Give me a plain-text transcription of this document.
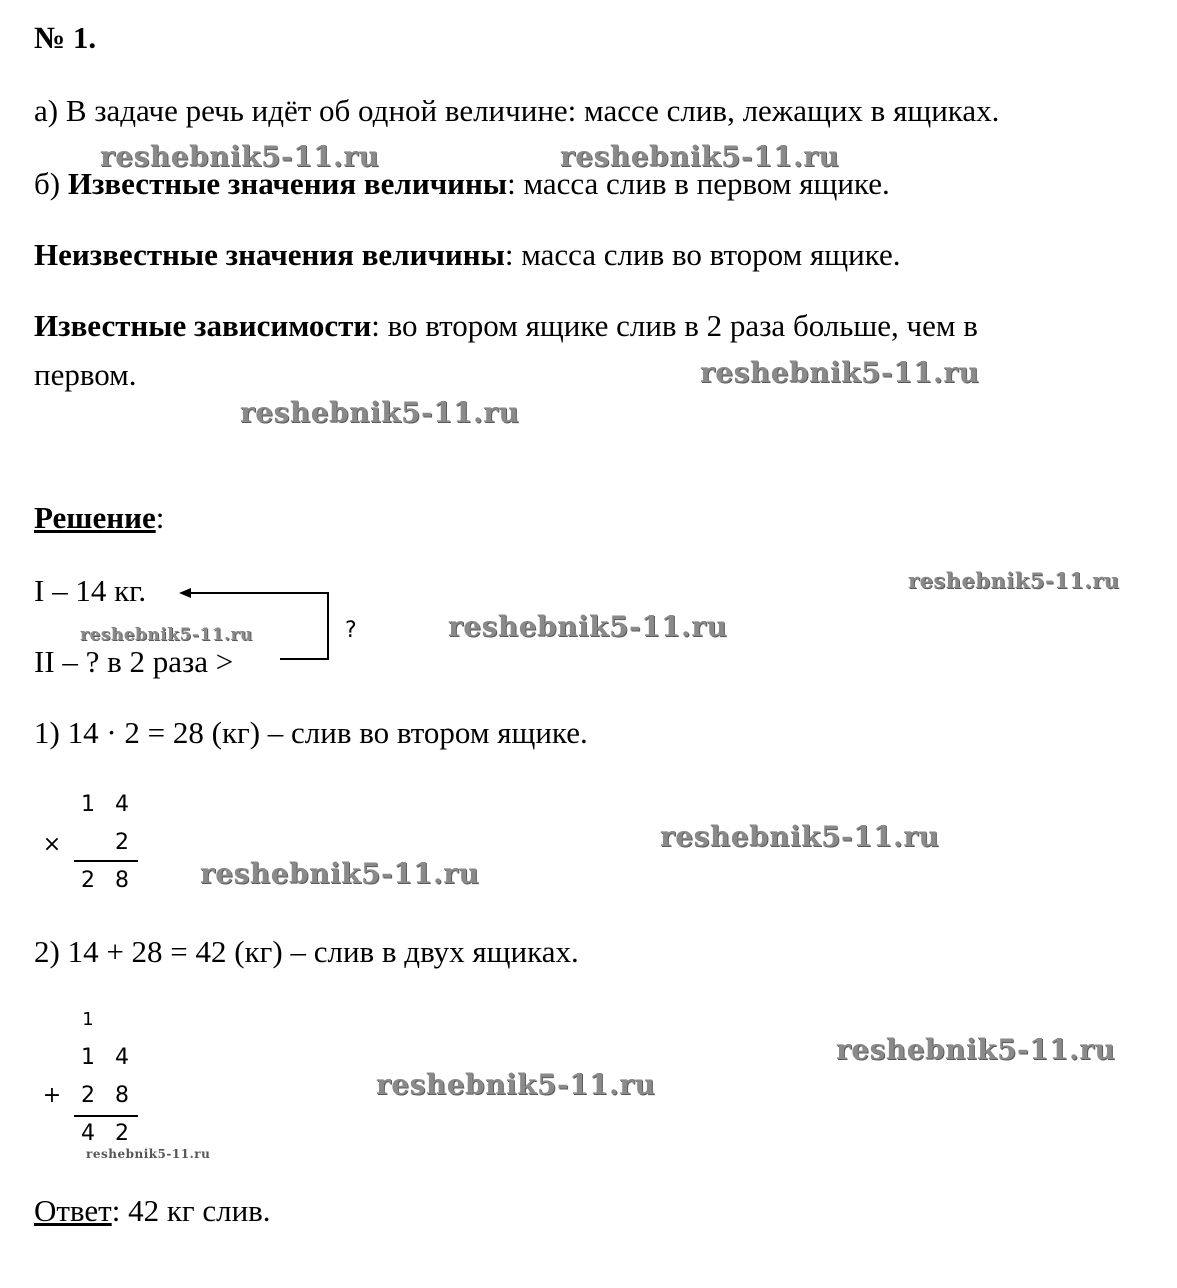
№ 1.
а) В задаче речь идёт об одной величине: массе слив, лежащих в ящиках.
б) Известные значения величины: масса слив в первом ящике.
Неизвестные значения величины: масса слив во втором ящике.
Известные зависимости: во втором ящике слив в 2 раза больше, чем в
первом.
Решение:
I – 14 кг.
II – ? в 2 раза >
?
1) 14 · 2 = 28 (кг) – слив во втором ящике.
1 4
× 2
2 8
2) 14 + 28 = 42 (кг) – слив в двух ящиках.
1
1 4
+ 2 8
4 2
Ответ: 42 кг слив.
reshebnik5-11.ru	reshebnik5-11.ru
reshebnik5-11.ru
reshebnik5-11.ru
reshebnik5-11.ru
reshebnik5-11.ru
reshebnik5-11.ru
reshebnik5-11.ru
reshebnik5-11.ru
reshebnik5-11.ru
reshebnik5-11.ru
reshebnik5-11.ru
